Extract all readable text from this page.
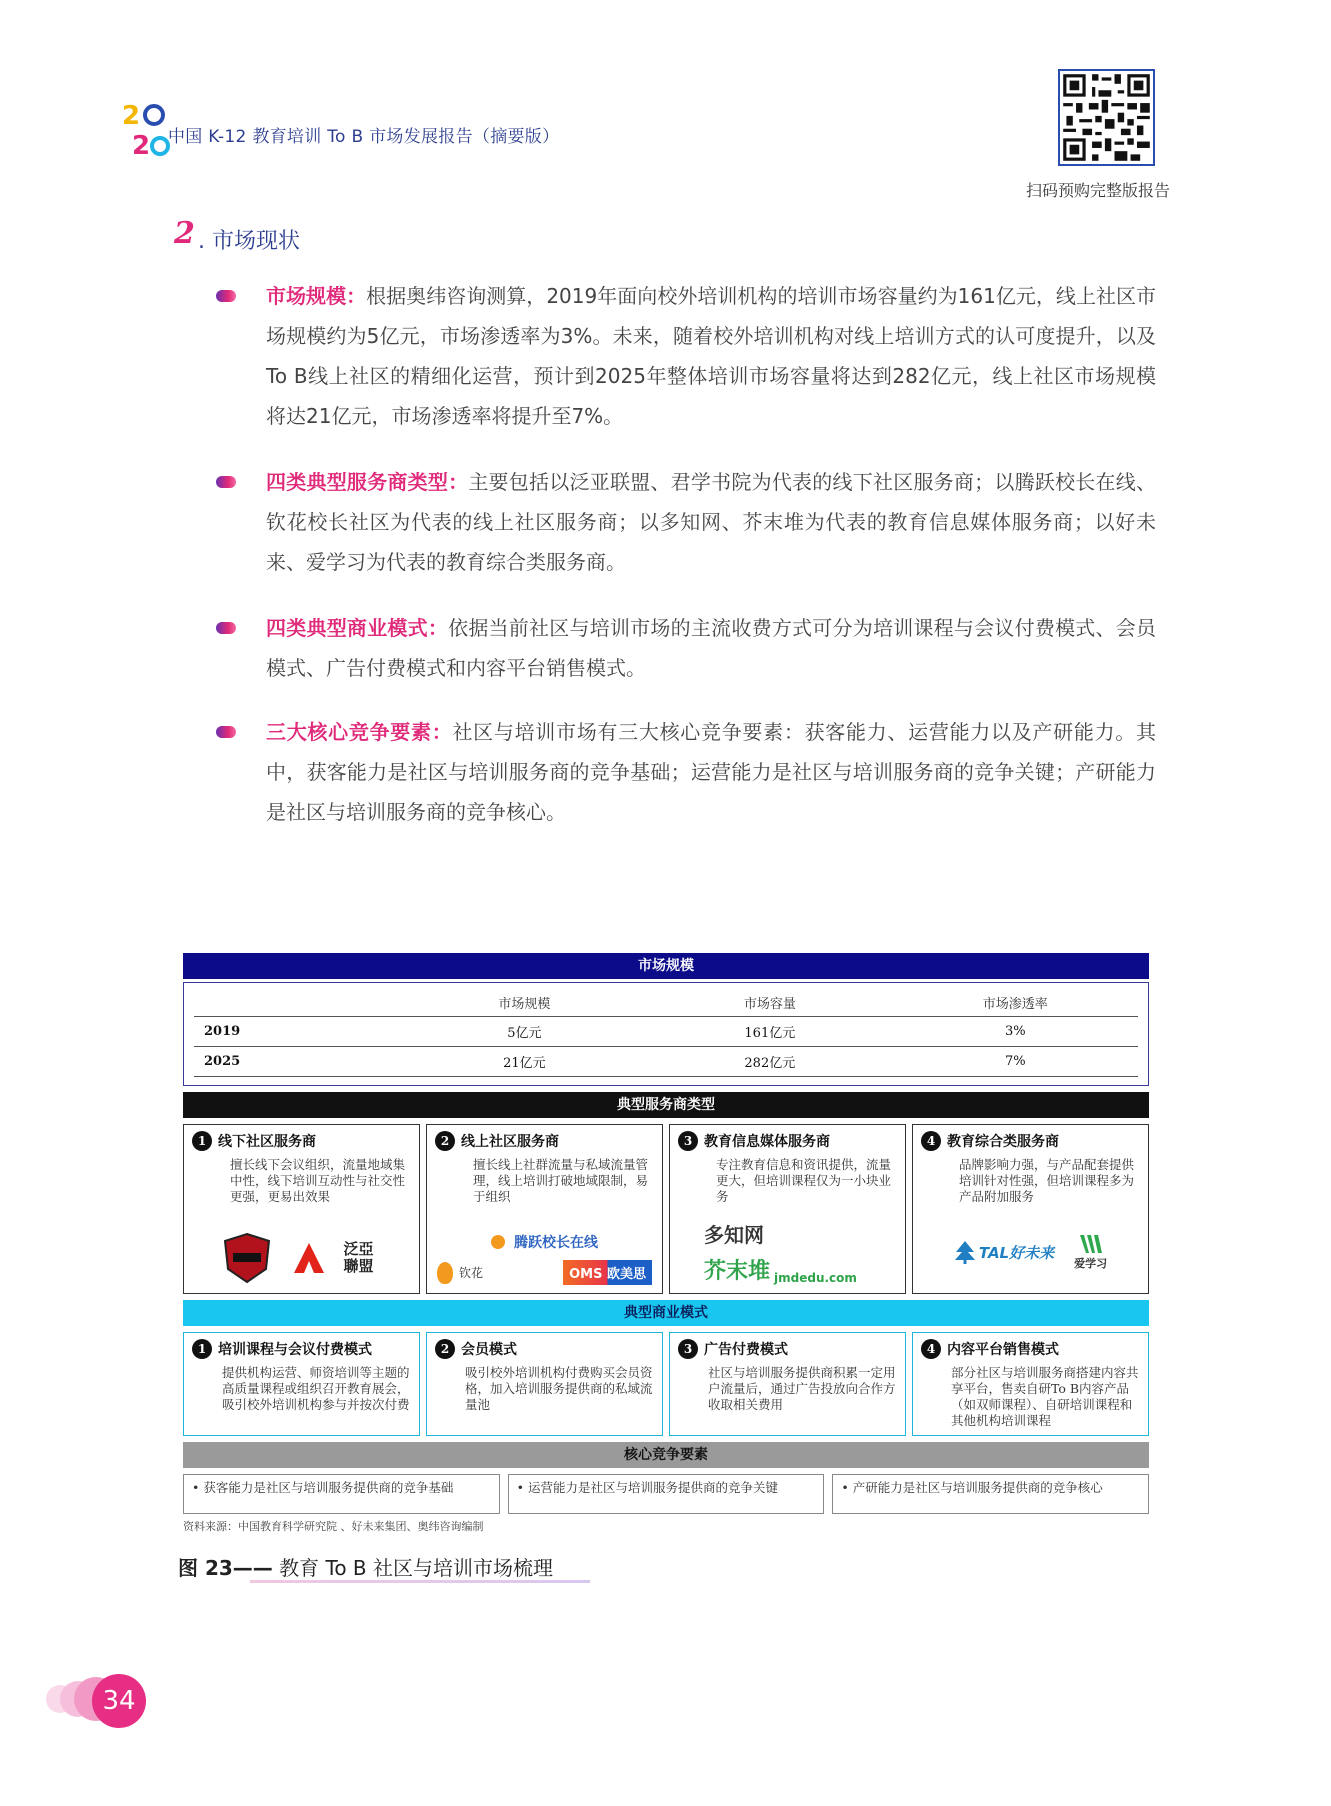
2
2 中国 K-12 教育培训 To B 市场发展报告（摘要版）
扫码预购完整版报告
2 . 市场现状
市场规模：根据奥纬咨询测算，2019年面向校外培训机构的培训市场容量约为161亿元，线上社区市场规模约为5亿元，市场渗透率为3%。未来，随着校外培训机构对线上培训方式的认可度提升，以及To B线上社区的精细化运营，预计到2025年整体培训市场容量将达到282亿元，线上社区市场规模将达21亿元，市场渗透率将提升至7%。
四类典型服务商类型：主要包括以泛亚联盟、君学书院为代表的线下社区服务商；以腾跃校长在线、钦花校长社区为代表的线上社区服务商；以多知网、芥末堆为代表的教育信息媒体服务商；以好未来、爱学习为代表的教育综合类服务商。
四类典型商业模式：依据当前社区与培训市场的主流收费方式可分为培训课程与会议付费模式、会员模式、广告付费模式和内容平台销售模式。
三大核心竞争要素：社区与培训市场有三大核心竞争要素：获客能力、运营能力以及产研能力。其中，获客能力是社区与培训服务商的竞争基础；运营能力是社区与培训服务商的竞争关键；产研能力是社区与培训服务商的竞争核心。
市场规模
	市场规模	市场容量	市场渗透率
2019	5亿元	161亿元	3%
2025	21亿元	282亿元	7%
典型服务商类型
1 线下社区服务商
擅长线下会议组织，流量地域集中性，线下培训互动性与社交性更强，更易出效果
泛亞聯盟
2 线上社区服务商
擅长线上社群流量与私域流量管理，线上培训打破地域限制，易于组织
腾跃校长在线
钦花	OMS 欧美思
3 教育信息媒体服务商
专注教育信息和资讯提供，流量更大，但培训课程仅为一小块业务
多知网
芥末堆 jmdedu.com
4 教育综合类服务商
品牌影响力强，与产品配套提供培训针对性强，但培训课程多为产品附加服务
TAL好未来
爱学习
典型商业模式
1 培训课程与会议付费模式
提供机构运营、师资培训等主题的高质量课程或组织召开教育展会，吸引校外培训机构参与并按次付费
2 会员模式
吸引校外培训机构付费购买会员资格，加入培训服务提供商的私域流量池
3 广告付费模式
社区与培训服务提供商积累一定用户流量后，通过广告投放向合作方收取相关费用
4 内容平台销售模式
部分社区与培训服务商搭建内容共享平台，售卖自研To B内容产品（如双师课程）、自研培训课程和其他机构培训课程
核心竞争要素
• 获客能力是社区与培训服务提供商的竞争基础	• 运营能力是社区与培训服务提供商的竞争关键	• 产研能力是社区与培训服务提供商的竞争核心
资料来源：中国教育科学研究院 、好未来集团、奥纬咨询编制
图 23—— 教育 To B 社区与培训市场梳理
34
